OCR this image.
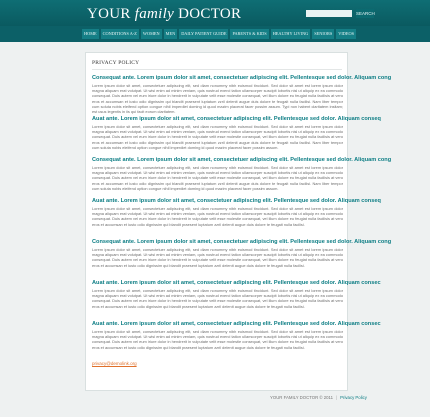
YOUR family DOCTOR	SEARCH
HOME	CONDITIONS A-Z	WOMEN	MEN	DAILY PATIENT GUIDE	PARENTS & KIDS	HEALTHY LIVING	SENIORS	VIDEOS
PRIVACY POLICY
Consequat ante. Lorem ipsum dolor sit amet, consectetuer adipiscing elit. Pellentesque sed dolor. Aliquam cong
Lorem ipsum dolor sit amet, consectetuer adipiscing elit, sed diam nonummy nibh euismod tincidunt. Sed dolor sit amet est lorem ipsum dolor magna aliquam erat volutpat. Ut wisi enim ad minim veniam, quis nostrud exerci tation ullamcorper suscipit lobortis nisl ut aliquip ex ea commodo consequat. Duis autem vel eum iriure dolor in hendrerit in vulputate velit esse molestie consequat, vel illum dolore eu feugiat nulla facilisis at vero eros et accumsan et iusto odio dignissim qui blandit praesent luptatum zzril delenit augue duis dolore te feugait nulla facilisi. Nam liber tempor cum soluta nobis eleifend option congue nihil imperdiet doming id quod mazim placerat facer possim assum. Typi non habent claritatem insitam; est usus legentis in iis qui facit eorum claritatem.
Auat ante. Lorem ipsum dolor sit amet, consectetuer adipiscing elit. Pellentesque sed dolor. Aliquam conseq
Lorem ipsum dolor sit amet, consectetuer adipiscing elit, sed diam nonummy nibh euismod tincidunt. Sed dolor sit amet est lorem ipsum dolor magna aliquam erat volutpat. Ut wisi enim ad minim veniam, quis nostrud exerci tation ullamcorper suscipit lobortis nisl ut aliquip ex ea commodo consequat. Duis autem vel eum iriure dolor in hendrerit in vulputate velit esse molestie consequat, vel illum dolore eu feugiat nulla facilisis at vero eros et accumsan et iusto odio dignissim qui blandit praesent luptatum zzril delenit augue duis dolore te feugait nulla facilisi. Nam liber tempor cum soluta nobis eleifend option congue nihil imperdiet doming id quod mazim placerat facer possim assum.
Consequat ante. Lorem ipsum dolor sit amet, consectetuer adipiscing elit. Pellentesque sed dolor. Aliquam cong
Lorem ipsum dolor sit amet, consectetuer adipiscing elit, sed diam nonummy nibh euismod tincidunt. Sed dolor sit amet est lorem ipsum dolor magna aliquam erat volutpat. Ut wisi enim ad minim veniam, quis nostrud exerci tation ullamcorper suscipit lobortis nisl ut aliquip ex ea commodo consequat. Duis autem vel eum iriure dolor in hendrerit in vulputate velit esse molestie consequat, vel illum dolore eu feugiat nulla facilisis at vero eros et accumsan et iusto odio dignissim qui blandit praesent luptatum zzril delenit augue duis dolore te feugait nulla facilisi. Nam liber tempor cum soluta nobis eleifend option congue nihil imperdiet doming id quod mazim placerat facer possim assum.
Auat ante. Lorem ipsum dolor sit amet, consectetuer adipiscing elit. Pellentesque sed dolor. Aliquam conseq
Lorem ipsum dolor sit amet, consectetuer adipiscing elit, sed diam nonummy nibh euismod tincidunt. Sed dolor sit amet est lorem ipsum dolor magna aliquam erat volutpat. Ut wisi enim ad minim veniam, quis nostrud exerci tation ullamcorper suscipit lobortis nisl ut aliquip ex ea commodo consequat. Duis autem vel eum iriure dolor in hendrerit in vulputate velit esse molestie consequat, vel illum dolore eu feugiat nulla facilisis at vero eros et accumsan et iusto odio dignissim qui blandit praesent luptatum zzril delenit augue duis dolore te feugait nulla facilisi.
Consequat ante. Lorem ipsum dolor sit amet, consectetuer adipiscing elit. Pellentesque sed dolor. Aliquam cong
Lorem ipsum dolor sit amet, consectetuer adipiscing elit, sed diam nonummy nibh euismod tincidunt. Sed dolor sit amet est lorem ipsum dolor magna aliquam erat volutpat. Ut wisi enim ad minim veniam, quis nostrud exerci tation ullamcorper suscipit lobortis nisl ut aliquip ex ea commodo consequat. Duis autem vel eum iriure dolor in hendrerit in vulputate velit esse molestie consequat, vel illum dolore eu feugiat nulla facilisis at vero eros et accumsan et iusto odio dignissim qui blandit praesent luptatum zzril delenit augue duis dolore te feugait nulla facilisi.
Auat ante. Lorem ipsum dolor sit amet, consectetuer adipiscing elit. Pellentesque sed dolor. Aliquam consec
Lorem ipsum dolor sit amet, consectetuer adipiscing elit, sed diam nonummy nibh euismod tincidunt. Sed dolor sit amet est lorem ipsum dolor magna aliquam erat volutpat. Ut wisi enim ad minim veniam, quis nostrud exerci tation ullamcorper suscipit lobortis nisl ut aliquip ex ea commodo consequat. Duis autem vel eum iriure dolor in hendrerit in vulputate velit esse molestie consequat, vel illum dolore eu feugiat nulla facilisis at vero eros et accumsan et iusto odio dignissim qui blandit praesent luptatum zzril delenit augue duis dolore te feugait nulla facilisi.
Auat ante. Lorem ipsum dolor sit amet, consectetuer adipiscing elit. Pellentesque sed dolor. Aliquam consec
Lorem ipsum dolor sit amet, consectetuer adipiscing elit, sed diam nonummy nibh euismod tincidunt. Sed dolor sit amet est lorem ipsum dolor magna aliquam erat volutpat. Ut wisi enim ad minim veniam, quis nostrud exerci tation ullamcorper suscipit lobortis nisl ut aliquip ex ea commodo consequat. Duis autem vel eum iriure dolor in hendrerit in vulputate velit esse molestie consequat, vel illum dolore eu feugiat nulla facilisis at vero eros et accumsan et iusto odio dignissim qui blandit praesent luptatum zzril delenit augue duis dolore te feugait nulla facilisi.
privacy@demolink.org
YOUR FAMILY DOCTOR © 2011 | Privacy Policy
